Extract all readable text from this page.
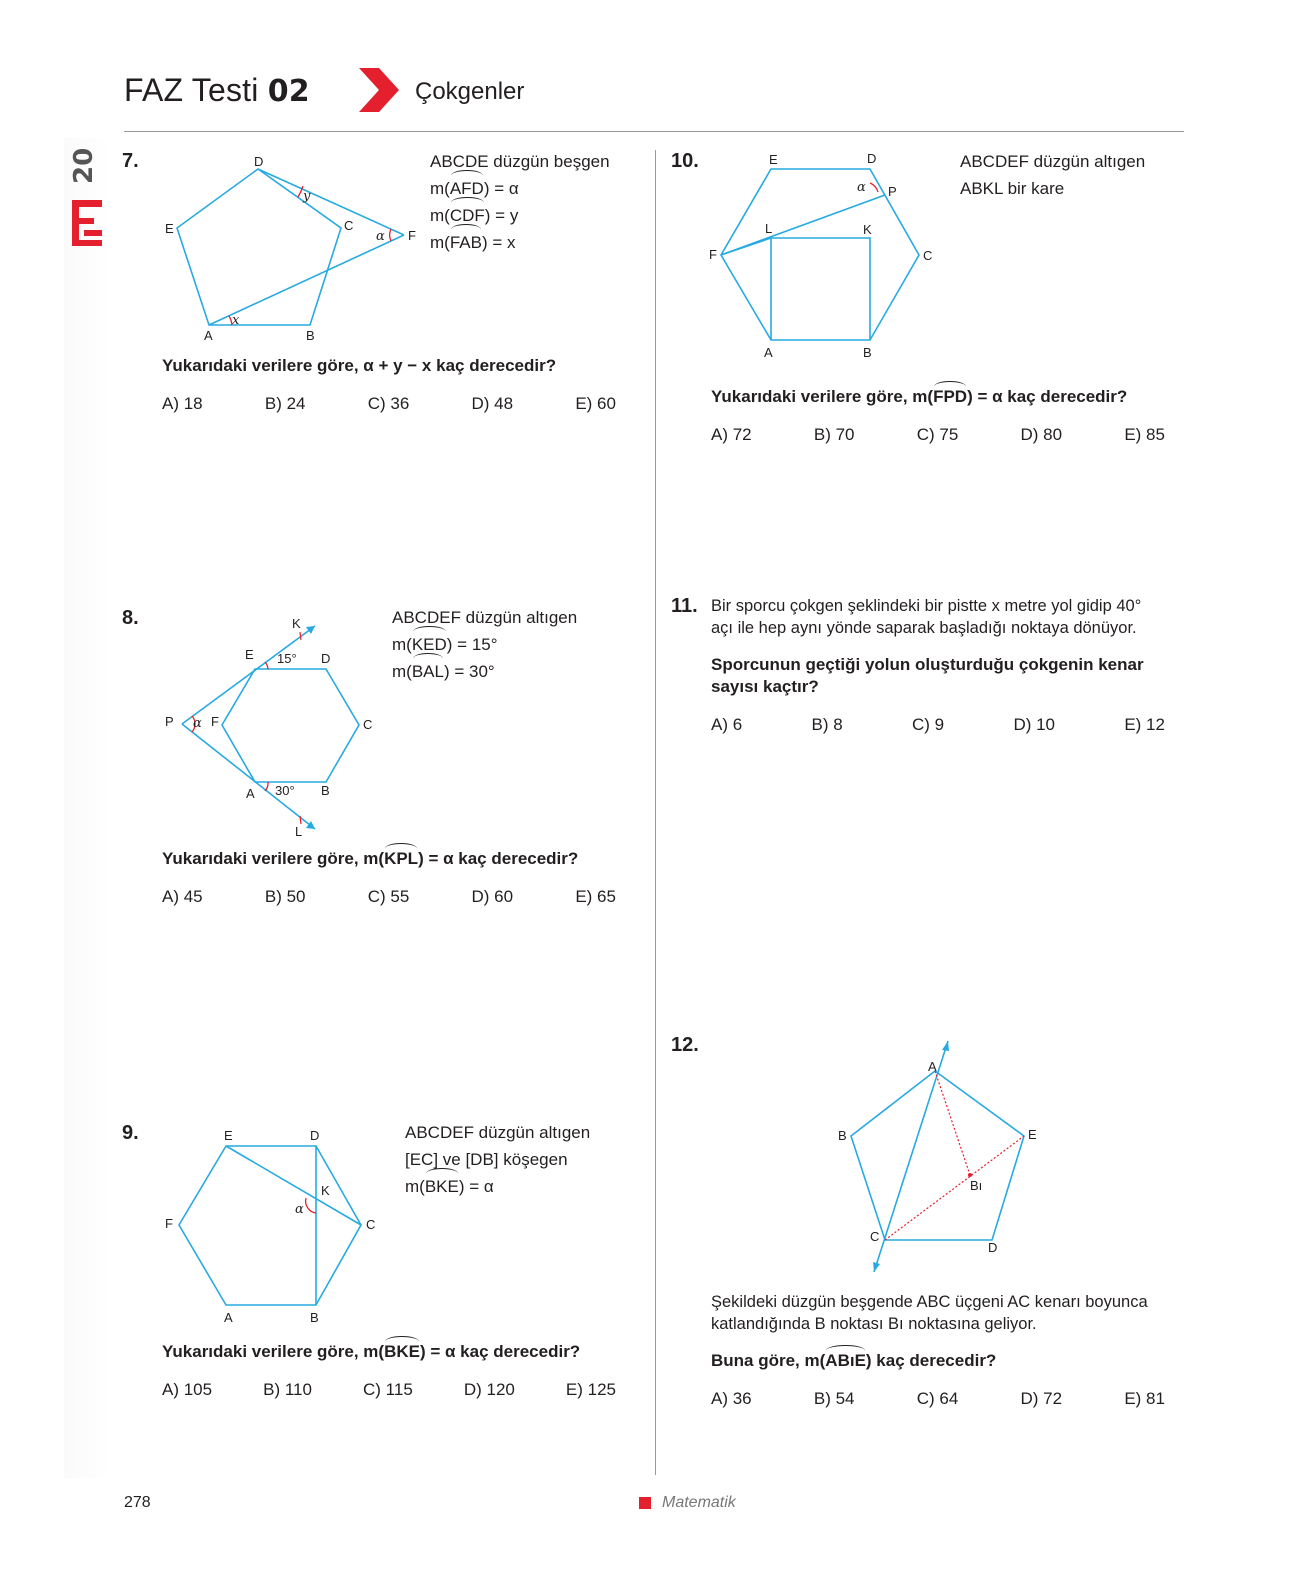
FAZ Testi 02	Çokgenler
20 7.
A	B
C
D
E	F
x
y
α
ABCDE düzgün beşgen
m(AFD) = α
m(CDF) = y
m(FAB) = x
Yukarıdaki verilere göre, α + y − x kaç derecedir?
A) 18	B) 24	C) 36	D) 48	E) 60
8.
A	B
C
D
E
F
K
L
P α
15°
30°
ABCDEF düzgün altıgen
m(KED) = 15°
m(BAL) = 30°
Yukarıdaki verilere göre, m(KPL) = α kaç derecedir?
A) 45	B) 50	C) 55	D) 60	E) 65
9.
A	B
C
D
E
F
K
α
ABCDEF düzgün altıgen
[EC] ve [DB] köşegen
m(BKE) = α
Yukarıdaki verilere göre, m(BKE) = α kaç derecedir?
A) 105	B) 110	C) 115	D) 120	E) 125
10.
A	B
C
D
E
F
K
L
P
α
ABCDEF düzgün altıgen
ABKL bir kare
Yukarıdaki verilere göre, m(FPD) = α kaç derecedir?
A) 72	B) 70	C) 75	D) 80	E) 85
11. Bir sporcu çokgen şeklindeki bir pistte x metre yol gidip 40° açı ile hep aynı yönde saparak başladığı noktaya dönüyor.
Sporcunun geçtiği yolun oluşturduğu çokgenin kenar sayısı kaçtır?
A) 6	B) 8	C) 9	D) 10	E) 12
12.
A
B
Bı
C
D
E
Şekildeki düzgün beşgende ABC üçgeni AC kenarı boyunca katlandığında B noktası Bı noktasına geliyor.
Buna göre, m(ABıE) kaç derecedir?
A) 36	B) 54	C) 64	D) 72	E) 81
278	Matematik
